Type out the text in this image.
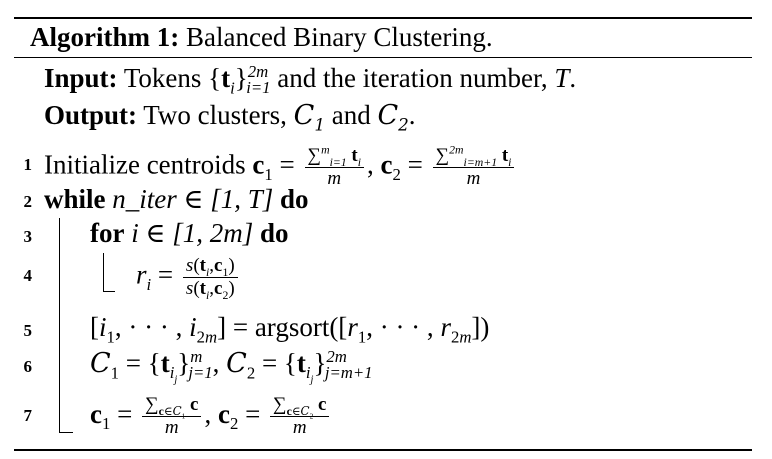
Algorithm 1: Balanced Binary Clustering.
Input: Tokens $\{t_i\}^{2m}_{i=1}$ and the iteration number, T.
Output: Two clusters, $C_1$ and $C_2$.
1 Initialize centroids $c_1 = \frac{\sum^m_{i=1} t_i}{m}$ , $c_2 = \frac{\sum^{2m}_{i=m+1} t_i}{m}$
2 while n_iter ∈ [1, T] do
3 for i ∈ [1, 2m] do
4	$r_i = \frac{s(t_i,c_1)}{s(t_i,c_2)}$
5 [$i_1$, · · · , $i_{2m}$] = $argsort([r_1$, · · · , $r_{2m}$])
6 $C_1 = \{t_{i_j}\}^m_{j=1}$, $C_2 = \{t_{i_j}\}^{2m}_{j=m+1}$
7 $c_1 = \frac{\sum_{c\in C_1} c}{m}$ , $c_2 = \frac{\sum_{c\in C_2} c}{m}$
